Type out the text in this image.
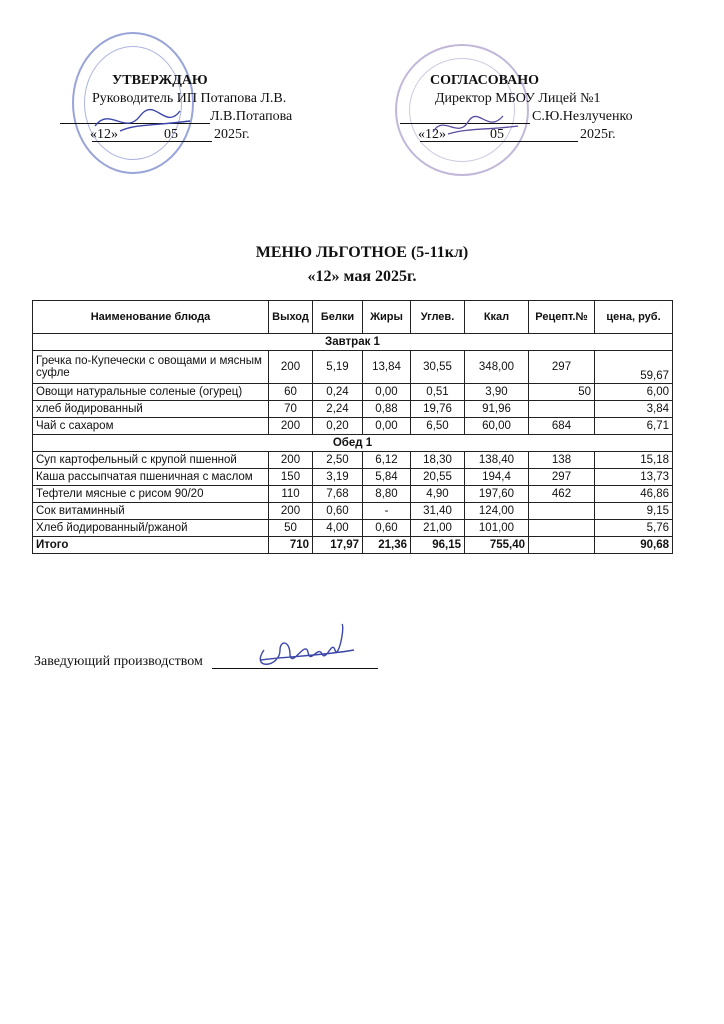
УТВЕРЖДАЮ
Руководитель ИП Потапова Л.В.
Л.В.Потапова
«12»	05	2025г.
СОГЛАСОВАНО
Директор МБОУ Лицей №1
С.Ю.Незлученко
«12»	05	2025г.
МЕНЮ ЛЬГОТНОЕ (5-11кл)
«12» мая 2025г.
Наименование блюда	Выход	Белки	Жиры	Углев.	Ккал	Рецепт.№	цена, руб.
Завтрак 1							
Гречка по-Купечески с овощами и мясным суфле	200	5,19	13,84	30,55	348,00	297	59,67
Овощи натуральные соленые (огурец)	60	0,24	0,00	0,51	3,90	50	6,00
хлеб йодированный	70	2,24	0,88	19,76	91,96		3,84
Чай с сахаром	200	0,20	0,00	6,50	60,00	684	6,71
Обед 1							
Суп картофельный с крупой пшенной	200	2,50	6,12	18,30	138,40	138	15,18
Каша рассыпчатая пшеничная с маслом	150	3,19	5,84	20,55	194,4	297	13,73
Тефтели мясные с рисом 90/20	110	7,68	8,80	4,90	197,60	462	46,86
Сок витаминный	200	0,60	-	31,40	124,00		9,15
Хлеб йодированный/ржаной	50	4,00	0,60	21,00	101,00		5,76
Итого	710	17,97	21,36	96,15	755,40		90,68
Заведующий производством
